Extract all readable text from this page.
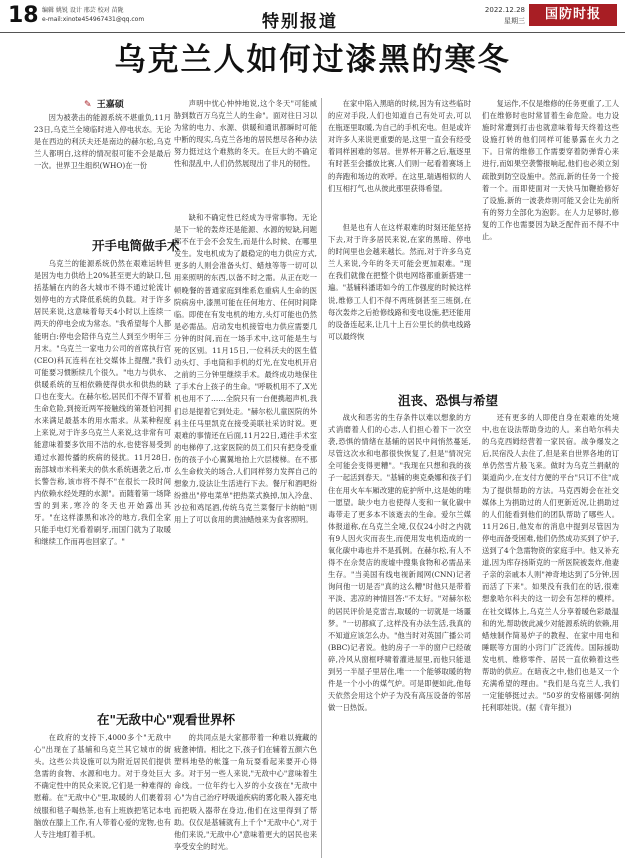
18 编辑 姚锐 设计 邢芸 校对 苗陇
e-mail:xinote454967431@qq.com	特别报道
2022.12.28
星期三	国防时报
乌克兰人如何过漆黑的寒冬
✎ 王嘉硕

因为被袭击的能源系统不堪重负,11月23日,乌克兰全境临时进入停电状态。无论是在西边的利沃夫还是南边的赫尔松,乌克兰人都明白,这样的情况很可能不会是最后一次。世界卫生组织(WHO)在一份

声明中忧心忡忡地说,这个冬天"可能威胁到数百万乌克兰人的生命"。面对往日习以为常的电力、水源、供暖和通讯都瞬时可能中断的现实,乌克兰各地的居民想尽各种办法努力挺过这个难熬的冬天。在巨大的不确定性和混乱中,人们仍然展现出了非凡的韧性。

在家中陷入黑暗的时候,因为有这些临时的应对手段,人们也知道自己有处可去,可以在瓶逐里取暖,为自己的手机充电。但是或许对许多人来说更重要的是,这里一直会有经受着同样困难的邻居。世界杯开幕之后,瓶逐里有时甚至会播放比赛,人们则一起看着赛场上的奔跑和场边的欢呼。在这里,瑞遇相似的人们互相打气,也从彼此那里获得希望。

复运作,不仅是维修的任务更重了,工人们在维修时也时常冒着生命危险。电力设施时常遭到打击也就意味着每天终着这些设施打转的他们同样可能暴露在火力之下。日常的维修工作需要穿着防弹背心来进行,而如果空袭警报响起,他们也必须立刻疏散到防空设施中。然而,新的任务一个接着一个。而即使面对一天快马加鞭抢修好了设施,新的一波袭炸则可能又会让先前所有的努力全部化为泡影。在人力足够时,修复的工作也需要因为缺乏配件而不得不中止。

开手电筒做手术

乌克兰的能源系统仍然在艰难运转但是因为电力供给上20%甚至更大的缺口,包括基辅在内的各大城市不得不通过轮流计划停电的方式降低系统的负载。对于许多居民来说,这意味着每天4小时以上连续一两天的停电会成为常态。"我希望每个人都能明白:停电会陪伴乌克兰人到至少明年三月末。"乌克兰一家电力公司的首席执行官(CEO)科瓦连科在社交媒体上提醒,"我们可能要习惯断续几个很久。"电力与供水、供暖系统的互相依赖使得供水和供热的缺口也在变大。在赫尔松,居民们不得不冒着生命危险,到接近两军接触线的第聂伯河拥水来满足最基本的用水需求。从某种程度上来说,对于许多乌克兰人来说,这非常有可能意味着要多饮用不洁的水,也使容易受到通过水源传播的疾病的侵扰。11月28日,南部城市米科莱夫的供水系统遇袭之后,市长警告称,该市将不得不"在很长一段时间内依赖水经处理的水源"。而随着第一场降雪的到来,寒冷的冬天也开始露出其牙。"在这样漆黑和冰冷的地方,我们全家只能手电灯光看着刷牙,而国门就为了取暖和继续工作而再也回家了。"

缺和不确定性已经成为寻常事物。无论是下一轮的轰炸还是能源、水源的短缺,问题都不在于会不会发生,而是什么时候、在哪里发生。发电机成为了最稳定的电力供应方式,更多的人则会准备头灯、蜡烛等等一切可以用来照明的东西,以备不时之需。从正在吃一顿晚餐的普通家庭到维系危重病人生命的医院病房中,漆黑可能在任何地方、任何时间降临。即使在有发电机的地方,头灯可能也仍然是必需品。启动发电机接管电力供应需要几分钟的时间,而在一场手术中,这可能是生与死的区别。11月15日,一位科沃夫的医生值动头灯、手电筒和手机的灯光,在发电机开启之前的三分钟里继续手术。最终成功地保住了手术台上孩子的生命。"呼吸机用不了,X光机也用不了……全院只有一台便携超声机,我们总是提着它到处走。"赫尔松儿童医院的外科主任马里凯克在接受美联社采访时说。更艰难的事情还在后面,11月22日,通往手术室的电梯停了,这家医院的员工们只有把身受重伤的孩子小心翼翼地抬上穴层楼梯。在不那么生命攸关的场合,人们同样努力发挥自己的想象力,设法让生活进行下去。餐厅和酒吧纷纷推出"停电菜单"把热菜式换掉,加入冷盘、沙拉和鸡尾酒,传统乌克兰菜餐厅卡纳帕"则用上了可以食用的黄油蜡烛来为食客照明。

但是也有人在这样艰难的时刻还能坚持下去,对于许多居民来说,在家的黑暗、停电的时间里也会越来越长。然而,对于许多乌克兰人来说,今年的冬天可能会更加艰难。"现在我们就像在把整个供电网络都重新搭建一遍。"基辅科潘诺如今的工作强度的时候这样说,维修工人们不得不两班倒甚至三班倒,在每次轰炸之后抢修线路和变电设施,把还能用的设备连起来,让几十上百公里长的供电线路可以最终恢

沮丧、恐惧与希望

战火和恶劣的生存条件以难以想象的方式消磨着人们的心志,人们担心着下一次空袭,恐惧的情绪在基辅的居民中间悄然蔓延,尽管这次水和电都很快恢复了,但是"情况完全可能会变得更糟"。"我现在只想和我的孩子一起活到春天。"基辅的奥克桑娜和孩子们住在用火车车厢改建的庇护所中,这是她的唯一愿望。缺少电力也使得人变和一氧化碳中毒带走了更多本不该逝去的生命。爱尔兰媒体报道称,在乌克兰全境,仅仅24小时之内就有9人因火灾而丧生,而使用发电机造成的一氧化碳中毒也并不是孤例。在赫尔松,有人不得不在佘焚店的废墟中搜集食物和必需品来生存。"当美国有线电视新闻网(CNN)记者询问他一切是否"真的这么糟"时他只是带着平淡、悲凉的神情回答:"不太好。"对赫尔松的居民评价是克雷吉,取暖的一切就是一场噩梦。"一切都疯了,这样没有办法生活,我真的不知道应该怎么办。"他当时对英国广播公司(BBC)记者说。他的房子一半的窗户已经破碎,冷风从窗框呼啸着灌进屋里,而他只能退到另一半屋子里居住,唯一一个能够取暖的物件是一个小小的煤气炉。可是即便如此,他每天依然会用这个炉子为没有高压设备的邻居做一日热饭。

还有更多的人即使自身在艰难的处境中,也在设法帮助身边的人。来自哈尔科夫的乌克西姆经营着一家民宿。战争爆发之后,民宿没人去住了,但是来自世界各地的订单仍然雪片般飞来。做时为乌克兰捐献的渠道尚少,在支付方便的平台"只订不住"成为了提供帮助的方法。马克西姆会在社交媒体上为捐助过的人们更新近况,让捐助过的人们能看到他们的团队帮助了哪些人。11月26日,他发布的消息中提到尽管因为停电而备受困难,他们仍然成功买到了炉子,送到了4个急需物资的家庭手中。他又补充道,因为库存扬斯克的一所医院被轰炸,他妻子亲的亲戚本人则"神奇地达到了5分钟,因而活了下来"。如果没有我们在的话,很难想象哈尔科夫的这一切会有怎样的模样。在社交媒体上,乌克兰人分享着暖色彩最温和的光,帮助彼此减少对能源系统的依赖,用蜡烛制作简易炉子的教程、在家中用电和睡眠等方面的小窍门广泛流传。国际援助发电机、维修零件、居民一直依赖着这些帮助的供应。在暗夜之中,他们也是又一个充满希望的理由。"我们是乌克兰人,我们一定能够挺过去。"50岁的安格丽娜·阿纳托利耶娃说。(据《青年报》)

在"无敌中心"观看世界杯

在政府的支持下,4000多个"无敌中心"出现在了基辅和乌克兰其它城市的街头。这些公共设施可以为附近居民们提供急需的食物、水源和电力。对于身处巨大不确定性中的民众来说,它们是一种难得的慰藉。在"无敌中心"里,取暖的人们裹着羽绒服和毯子喝热茶,也有上班族把笔记本电脑放在膝上工作,有人带着心爱的宠物,也有人专注地盯着手机。

的共同点是大家都带着一种难以掩藏的疲惫神情。相比之下,孩子们在辅着五颜六色塑料地垫的帐篷一角玩耍看起来要开心得多。对于另一些人来说,"无敌中心"意味着生命线。一位年约七入岁的小女孩在"无敌中心"为自己治疗呼吸道疾病的雾化吸入器充电而把吸入器带在身边,他们在这里得到了帮助。仅仅是基辅就有上千个"无敌中心",对于他们来说,"无敌中心"意味着更大的居民也来享受安全的时光。
